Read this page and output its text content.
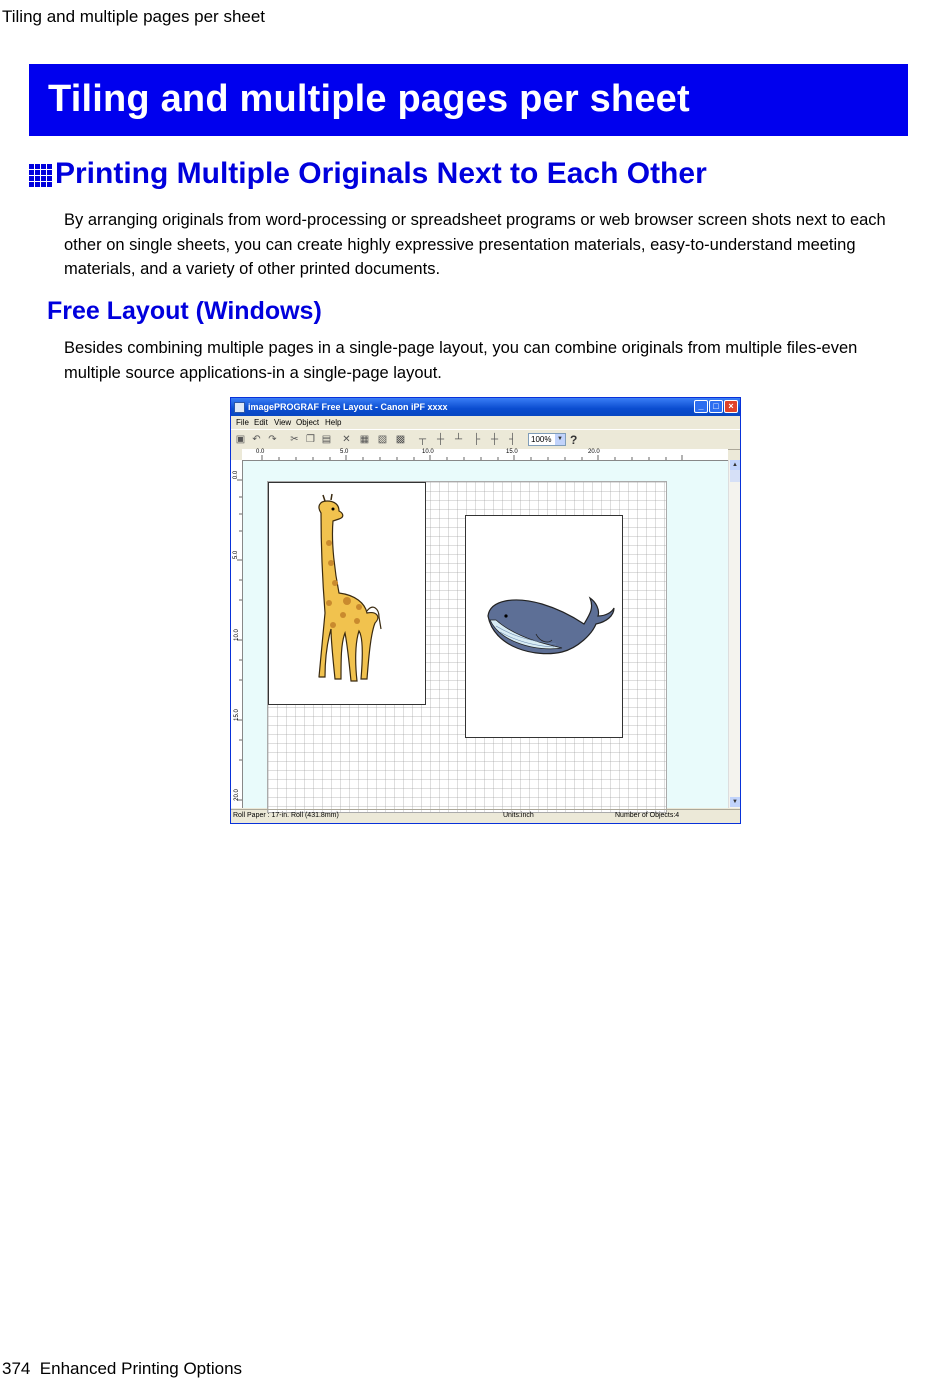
Tiling and multiple pages per sheet
Tiling and multiple pages per sheet
Printing Multiple Originals Next to Each Other
By arranging originals from word-processing or spreadsheet programs or web browser screen shots next to each other on single sheets, you can create highly expressive presentation materials, easy-to-understand meeting materials, and a variety of other printed documents.
Free Layout (Windows)
Besides combining multiple pages in a single-page layout, you can combine originals from multiple files-even multiple source applications-in a single-page layout.
imagePROGRAF Free Layout - Canon iPF xxxx	_	□	×
File Edit View Object Help
▣ ↶ ↷ ✂ ❐ ▤ ✕ ▦ ▧ ▩ ┬ ┼ ┴ ├ ┼ ┤ 100% ▼ ?
0.0	5.0	10.0	15.0	20.0
0.0
5.0
10.0
15.0
20.0
▲
▼
Roll Paper : 17-in. Roll (431.8mm)	Units:inch	Number of Objects:4
374  Enhanced Printing Options
